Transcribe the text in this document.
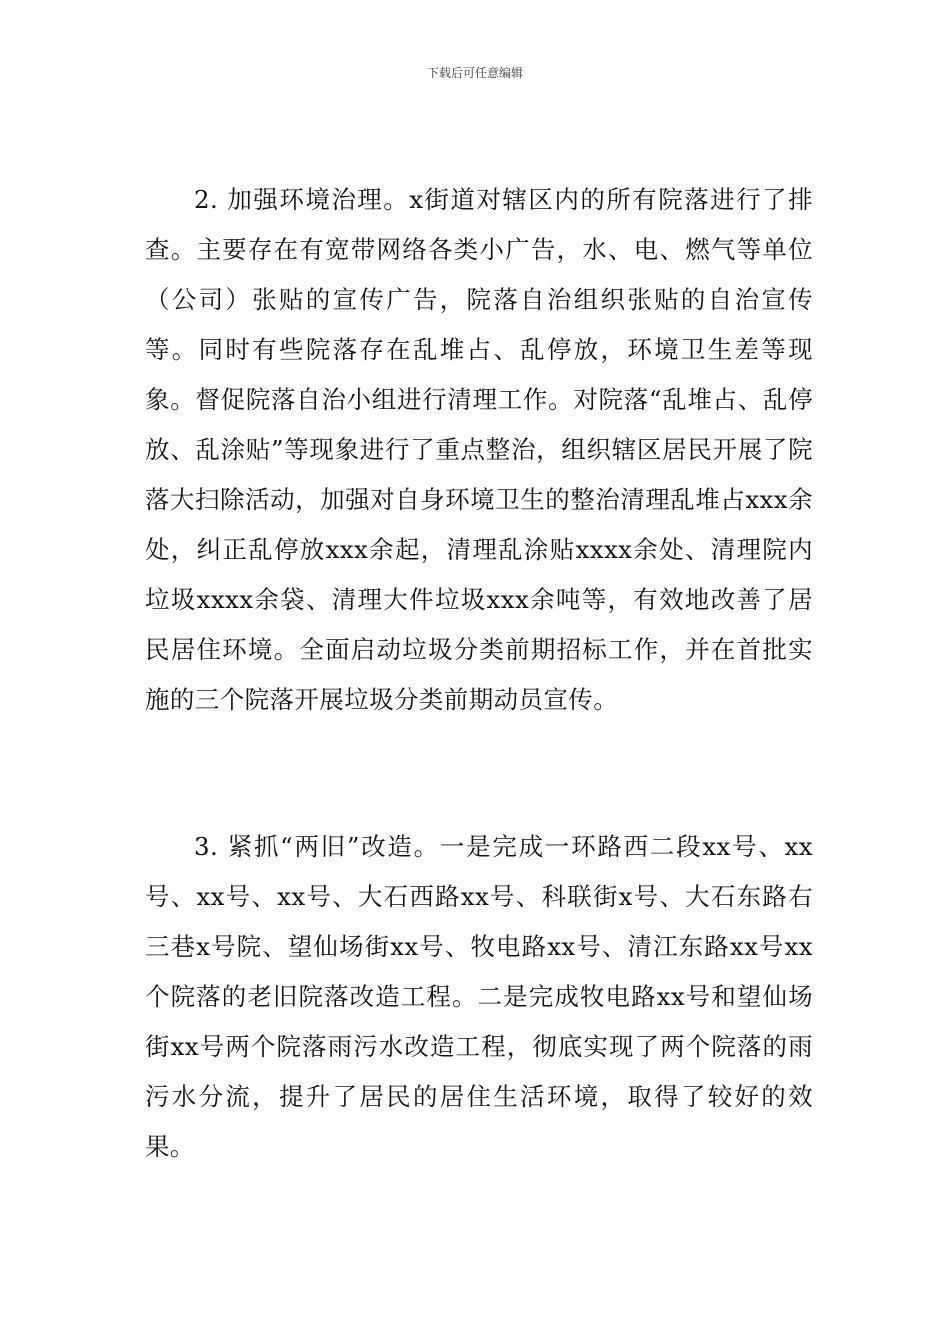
下载后可任意编辑

2. 加强环境治理。x街道对辖区内的所有院落进行了排查。主要存在有宽带网络各类小广告，水、电、燃气等单位（公司）张贴的宣传广告，院落自治组织张贴的自治宣传等。同时有些院落存在乱堆占、乱停放，环境卫生差等现象。督促院落自治小组进行清理工作。对院落“乱堆占、乱停放、乱涂贴”等现象进行了重点整治，组织辖区居民开展了院落大扫除活动，加强对自身环境卫生的整治清理乱堆占xxx余处，纠正乱停放xxx余起，清理乱涂贴xxxx余处、清理院内垃圾xxxx余袋、清理大件垃圾xxx余吨等，有效地改善了居民居住环境。全面启动垃圾分类前期招标工作，并在首批实施的三个院落开展垃圾分类前期动员宣传。

3. 紧抓“两旧”改造。一是完成一环路西二段xx号、xx号、xx号、xx号、大石西路xx号、科联街x号、大石东路右三巷x号院、望仙场街xx号、牧电路xx号、清江东路xx号xx个院落的老旧院落改造工程。二是完成牧电路xx号和望仙场街xx号两个院落雨污水改造工程，彻底实现了两个院落的雨污水分流，提升了居民的居住生活环境，取得了较好的效果。
